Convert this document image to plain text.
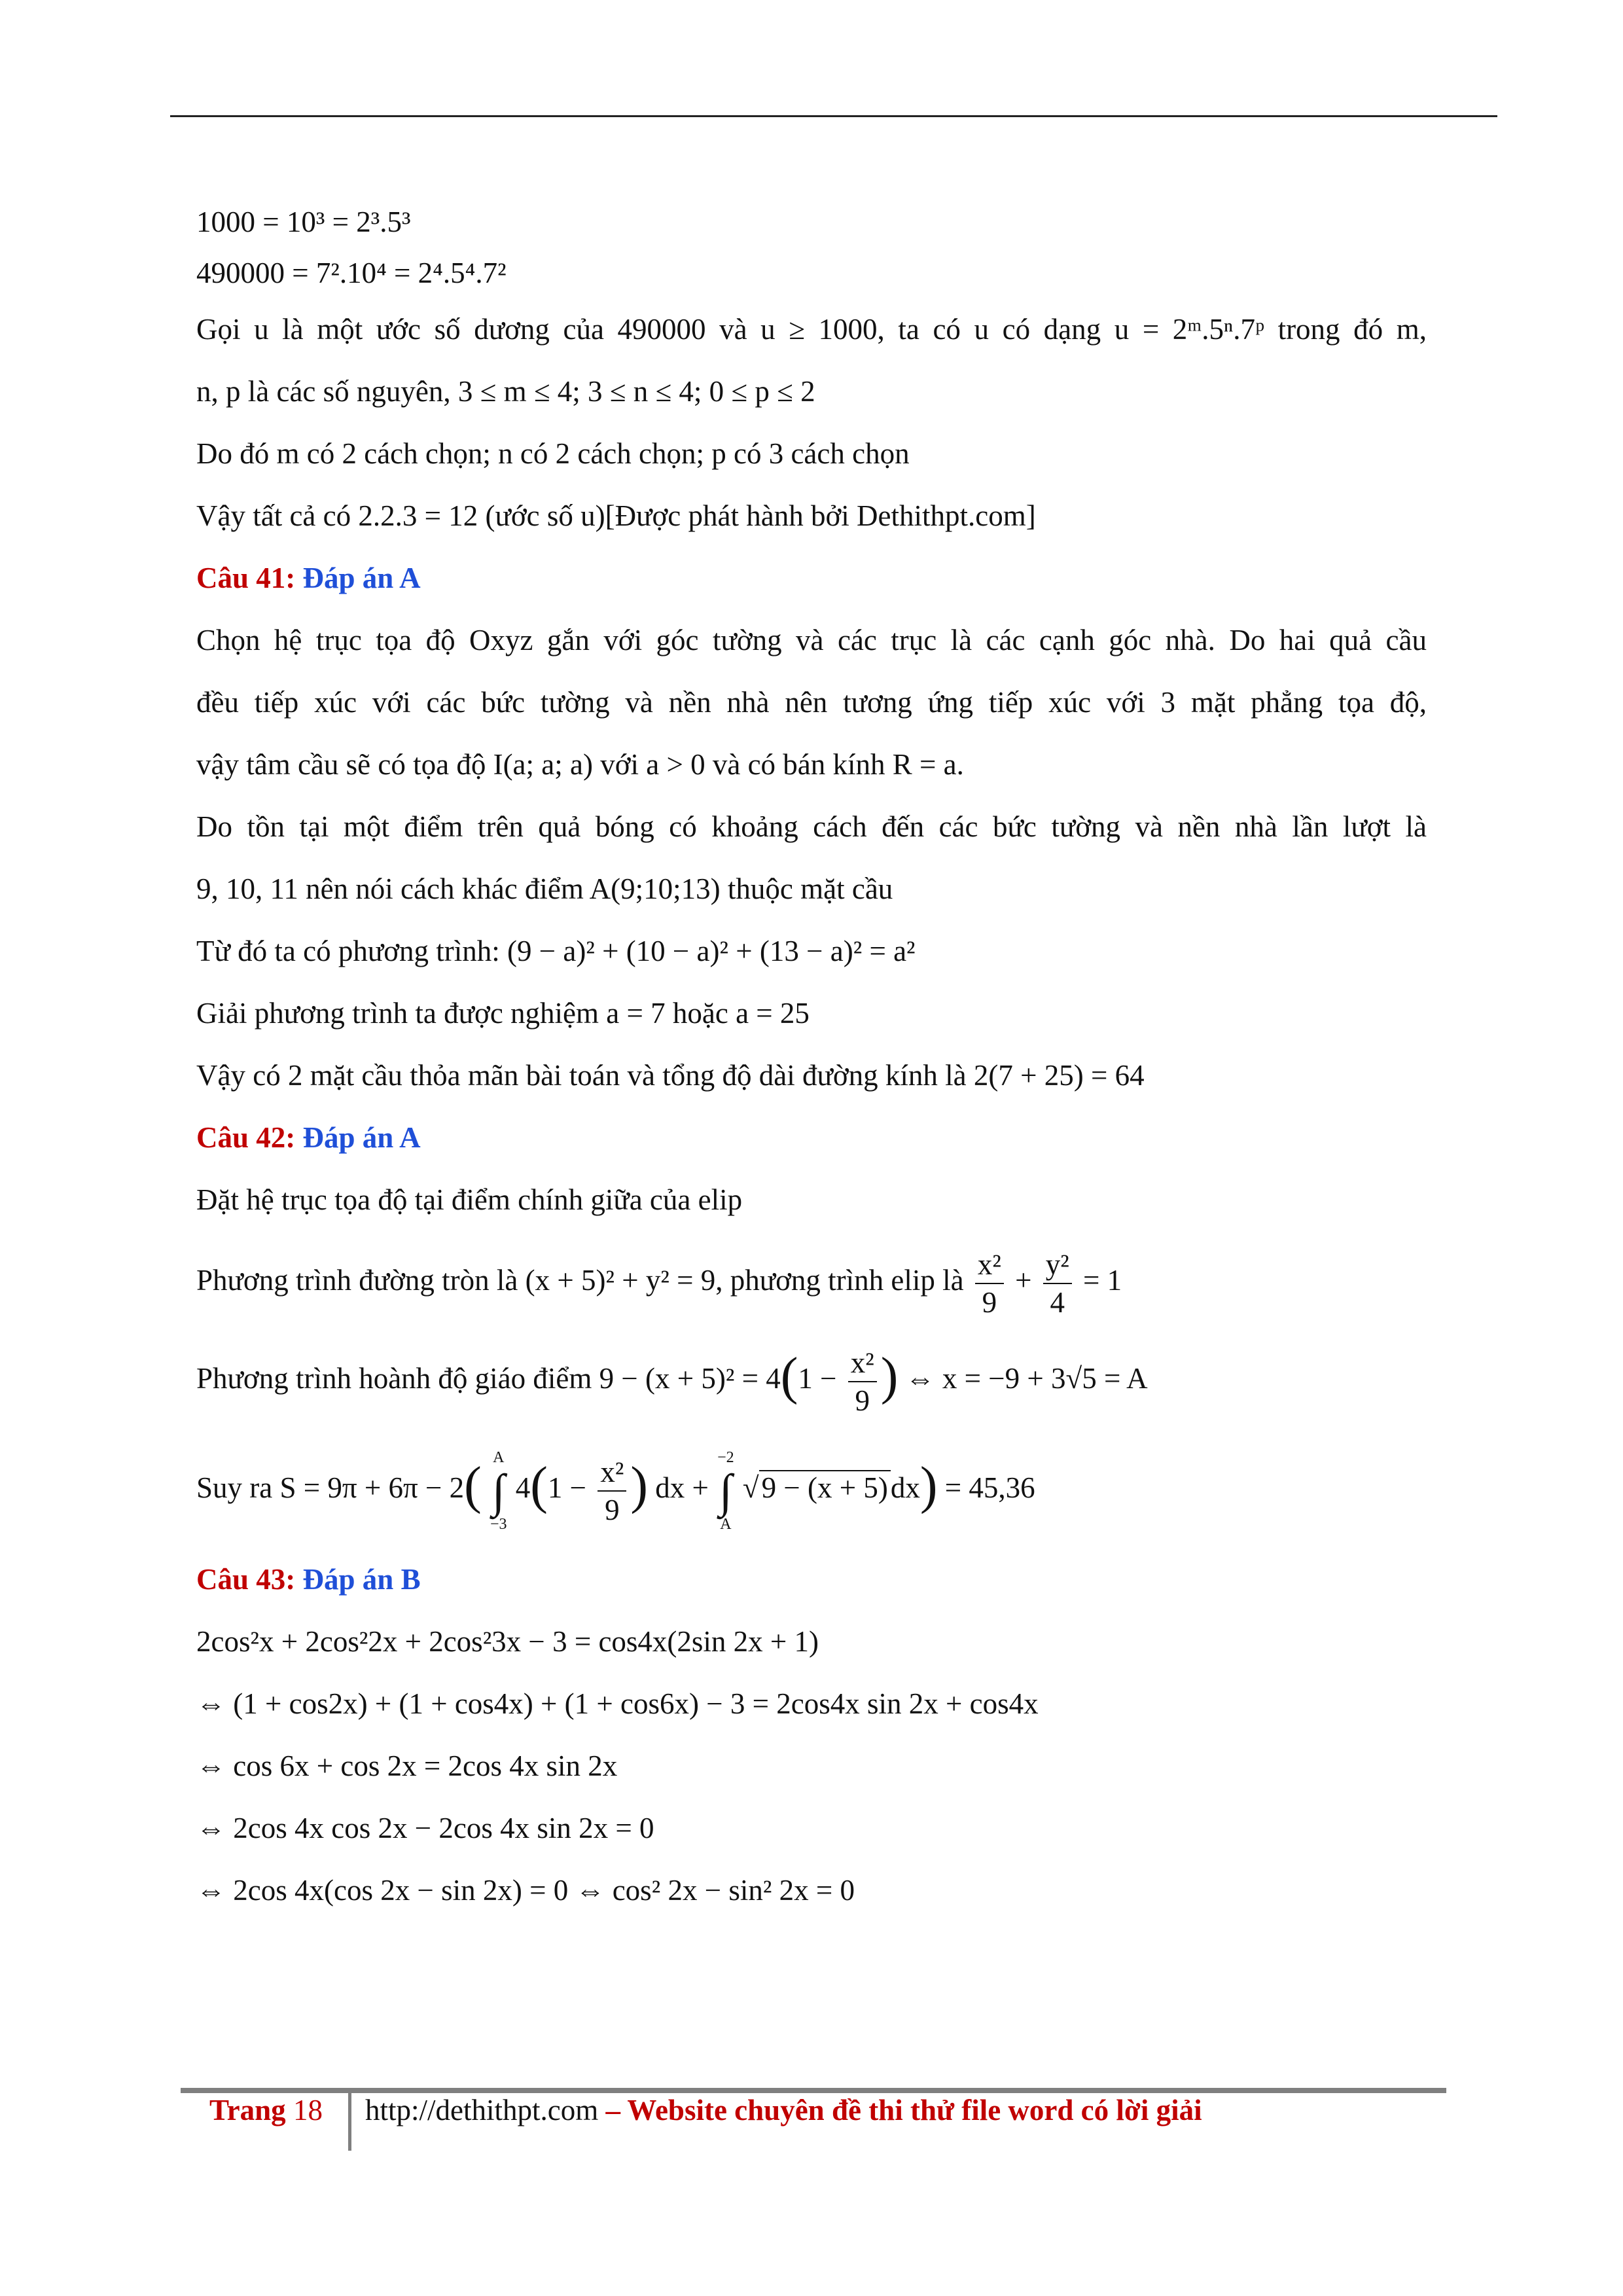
1000 = 10³ = 2³.5³
490000 = 7².10⁴ = 2⁴.5⁴.7²
Gọi u là một ước số dương của 490000 và u ≥ 1000, ta có u có dạng u = 2ᵐ.5ⁿ.7ᵖ trong đó m,
n, p là các số nguyên, 3 ≤ m ≤ 4; 3 ≤ n ≤ 4; 0 ≤ p ≤ 2
Do đó m có 2 cách chọn; n có 2 cách chọn; p có 3 cách chọn
Vậy tất cả có 2.2.3 = 12 (ước số u)[Được phát hành bởi Dethithpt.com]
Câu 41: Đáp án A
Chọn hệ trục tọa độ Oxyz gắn với góc tường và các trục là các cạnh góc nhà. Do hai quả cầu
đều tiếp xúc với các bức tường và nền nhà nên tương ứng tiếp xúc với 3 mặt phẳng tọa độ,
vậy tâm cầu sẽ có tọa độ I(a; a; a) với a > 0 và có bán kính R = a.
Do tồn tại một điểm trên quả bóng có khoảng cách đến các bức tường và nền nhà lần lượt là
9, 10, 11 nên nói cách khác điểm A(9;10;13) thuộc mặt cầu
Từ đó ta có phương trình: (9 − a)² + (10 − a)² + (13 − a)² = a²
Giải phương trình ta được nghiệm a = 7 hoặc a = 25
Vậy có 2 mặt cầu thỏa mãn bài toán và tổng độ dài đường kính là 2(7 + 25) = 64
Câu 42: Đáp án A
Đặt hệ trục tọa độ tại điểm chính giữa của elip
Phương trình đường tròn là (x + 5)² + y² = 9, phương trình elip là $\frac{\text{x²}}{9} + \frac{\text{y²}}{4} = 1$
Phương trình hoành độ giáo điểm $9 - (x + 5)^2 = 4(1 - \frac{\text{x²}}{9}$ ) ⇔ x = −9 + 3√5 = A
Suy ra S = 9π + 6π − 2( A
∫
−3
$4(1 - \frac{\text{x²}}{9}$ ) dx +
−2
∫
A
√9 − (x + 5)dx) = 45,36
Câu 43: Đáp án B
2cos²x + 2cos²2x + 2cos²3x − 3 = cos4x(2sin 2x + 1)
⇔ (1 + cos2x) + (1 + cos4x) + (1 + cos6x) − 3 = 2cos4x sin 2x + cos4x
⇔ cos 6x + cos 2x = 2cos 4x sin 2x
⇔ 2cos 4x cos 2x − 2cos 4x sin 2x = 0
⇔ 2cos 4x(cos 2x − sin 2x) = 0 ⇔ cos² 2x − sin² 2x = 0
Trang 18 http://dethithpt.com – Website chuyên đề thi thử file word có lời giải
